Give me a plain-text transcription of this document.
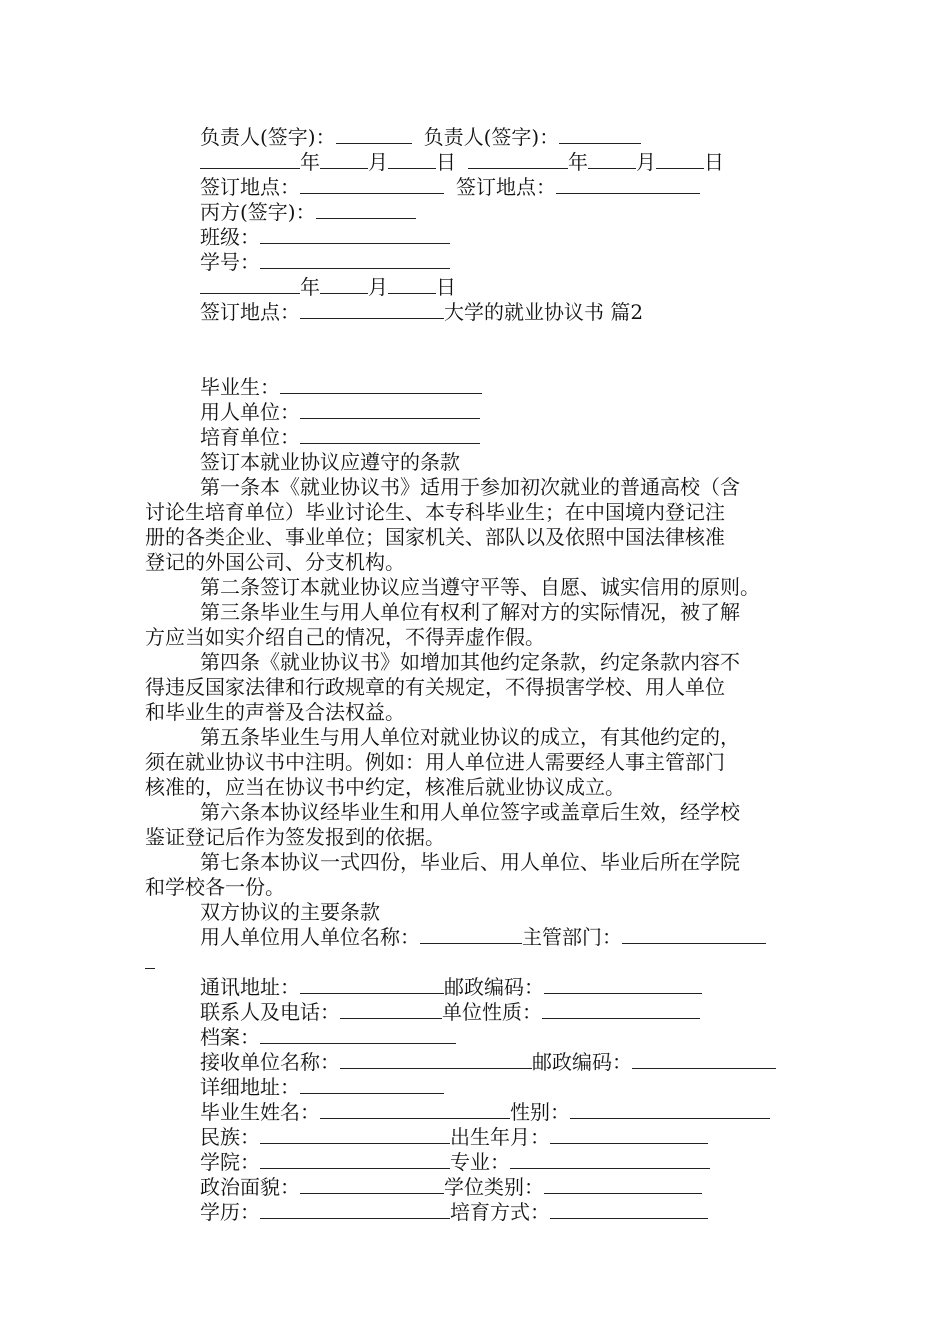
负责人(签字)：	负责人(签字)：
年 月 日	年 月 日
签订地点：	签订地点：
丙方(签字)：
班级：
学号：
年 月 日
签订地点：	大学的就业协议书 篇2
毕业生：
用人单位：
培育单位：
签订本就业协议应遵守的条款
第一条本《就业协议书》适用于参加初次就业的普通高校（含
讨论生培育单位）毕业讨论生、本专科毕业生；在中国境内登记注
册的各类企业、事业单位；国家机关、部队以及依照中国法律核准
登记的外国公司、分支机构。
第二条签订本就业协议应当遵守平等、自愿、诚实信用的原则。
第三条毕业生与用人单位有权利了解对方的实际情况，被了解
方应当如实介绍自己的情况，不得弄虚作假。
第四条《就业协议书》如增加其他约定条款，约定条款内容不
得违反国家法律和行政规章的有关规定，不得损害学校、用人单位
和毕业生的声誉及合法权益。
第五条毕业生与用人单位对就业协议的成立，有其他约定的，
须在就业协议书中注明。例如：用人单位进人需要经人事主管部门
核准的，应当在协议书中约定，核准后就业协议成立。
第六条本协议经毕业生和用人单位签字或盖章后生效，经学校
鉴证登记后作为签发报到的依据。
第七条本协议一式四份，毕业后、用人单位、毕业后所在学院
和学校各一份。
双方协议的主要条款
用人单位用人单位名称：	主管部门：
通讯地址：	邮政编码：
联系人及电话：	单位性质：
档案：
接收单位名称：	邮政编码：
详细地址：
毕业生姓名：	性别：
民族：	出生年月：
学院：	专业：
政治面貌：	学位类别：
学历：	培育方式：
